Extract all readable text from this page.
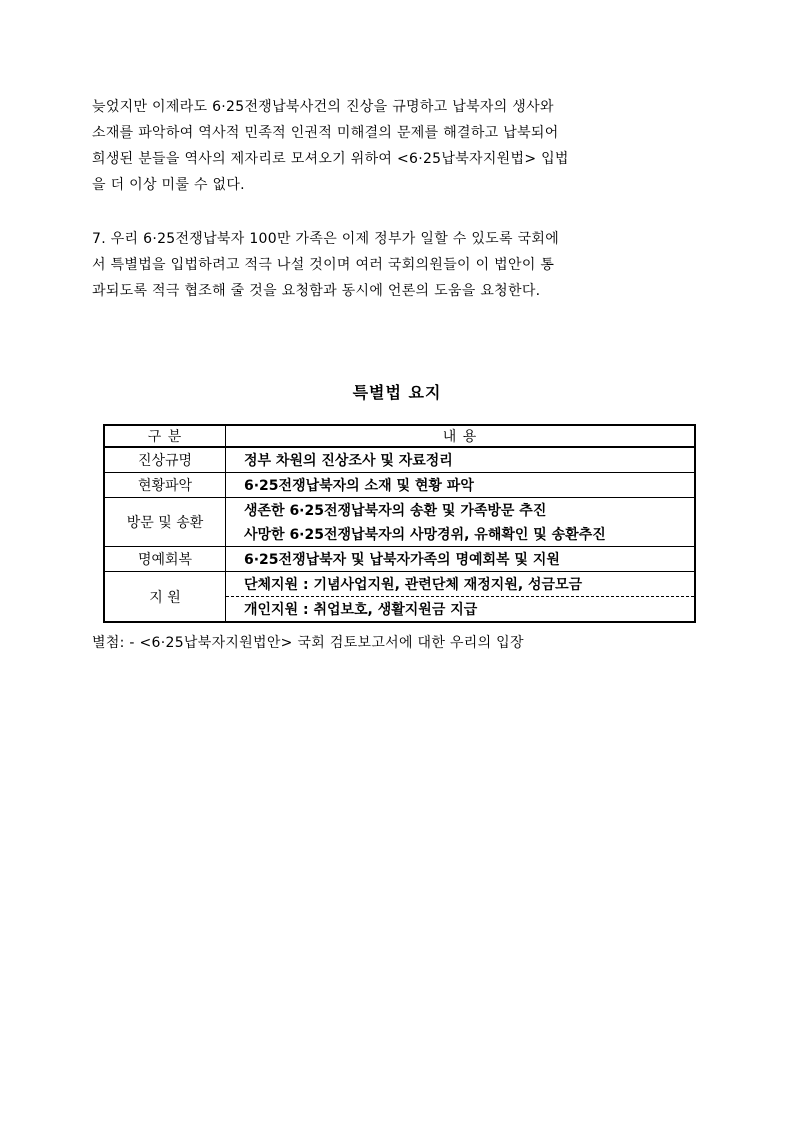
늦었지만 이제라도 6·25전쟁납북사건의 진상을 규명하고 납북자의 생사와
소재를 파악하여 역사적 민족적 인권적 미해결의 문제를 해결하고 납북되어
희생된 분들을 역사의 제자리로 모셔오기 위하여 <6·25납북자지원법> 입법
을 더 이상 미룰 수 없다.
7. 우리 6·25전쟁납북자 100만 가족은 이제 정부가 일할 수 있도록 국회에
서 특별법을 입법하려고 적극 나설 것이며 여러 국회의원들이 이 법안이 통
과되도록 적극 협조해 줄 것을 요청함과 동시에 언론의 도움을 요청한다.
특별법 요지
구 분	내 용
진상규명	정부 차원의 진상조사 및 자료정리
현황파악	6·25전쟁납북자의 소재 및 현황 파악
방문 및 송환	생존한 6·25전쟁납북자의 송환 및 가족방문 추진
	사망한 6·25전쟁납북자의 사망경위, 유해확인 및 송환추진
명예회복	6·25전쟁납북자 및 납북자가족의 명예회복 및 지원
지 원	단체지원 : 기념사업지원, 관련단체 재정지원, 성금모금
	개인지원 : 취업보호, 생활지원금 지급
별첨: - <6·25납북자지원법안> 국회 검토보고서에 대한 우리의 입장
